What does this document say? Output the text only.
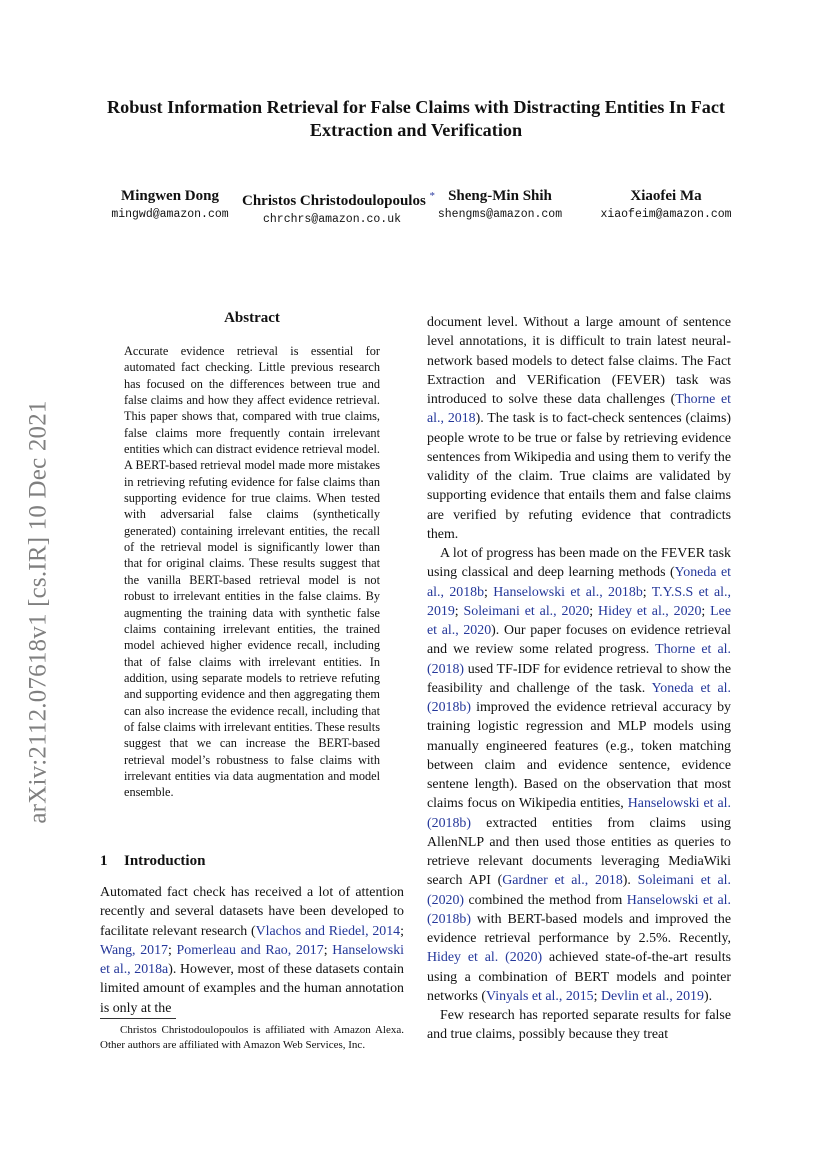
arXiv:2112.07618v1 [cs.IR] 10 Dec 2021
Robust Information Retrieval for False Claims with Distracting Entities In Fact Extraction and Verification
Mingwen Dong
mingwd@amazon.com
Christos Christodoulopoulos *
chrchrs@amazon.co.uk
Sheng-Min Shih
shengms@amazon.com
Xiaofei Ma
xiaofeim@amazon.com
Abstract
Accurate evidence retrieval is essential for automated fact checking. Little previous research has focused on the differences between true and false claims and how they affect evidence retrieval. This paper shows that, compared with true claims, false claims more frequently contain irrelevant entities which can distract evidence retrieval model. A BERT-based retrieval model made more mistakes in retrieving refuting evidence for false claims than supporting evidence for true claims. When tested with adversarial false claims (synthetically generated) containing irrelevant entities, the recall of the retrieval model is significantly lower than that for original claims. These results suggest that the vanilla BERT-based retrieval model is not robust to irrelevant entities in the false claims. By augmenting the training data with synthetic false claims containing irrelevant entities, the trained model achieved higher evidence recall, including that of false claims with irrelevant entities. In addition, using separate models to retrieve refuting and supporting evidence and then aggregating them can also increase the evidence recall, including that of false claims with irrelevant entities. These results suggest that we can increase the BERT-based retrieval model’s robustness to false claims with irrelevant entities via data augmentation and model ensemble.
1 Introduction

Automated fact check has received a lot of attention recently and several datasets have been developed to facilitate relevant research (Vlachos and Riedel, 2014; Wang, 2017; Pomerleau and Rao, 2017; Hanselowski et al., 2018a). However, most of these datasets contain limited amount of examples and the human annotation is only at the

document level. Without a large amount of sentence level annotations, it is difficult to train latest neural-network based models to detect false claims. The Fact Extraction and VERification (FEVER) task was introduced to solve these data challenges (Thorne et al., 2018). The task is to fact-check sentences (claims) people wrote to be true or false by retrieving evidence sentences from Wikipedia and using them to verify the validity of the claim. True claims are validated by supporting evidence that entails them and false claims are verified by refuting evidence that contradicts them.

A lot of progress has been made on the FEVER task using classical and deep learning methods (Yoneda et al., 2018b; Hanselowski et al., 2018b; T.Y.S.S et al., 2019; Soleimani et al., 2020; Hidey et al., 2020; Lee et al., 2020). Our paper focuses on evidence retrieval and we review some related progress. Thorne et al. (2018) used TF-IDF for evidence retrieval to show the feasibility and challenge of the task. Yoneda et al. (2018b) improved the evidence retrieval accuracy by training logistic regression and MLP models using manually engineered features (e.g., token matching between claim and evidence sentence, evidence sentene length). Based on the observation that most claims focus on Wikipedia entities, Hanselowski et al. (2018b) extracted entities from claims using AllenNLP and then used those entities as queries to retrieve relevant documents leveraging MediaWiki search API (Gardner et al., 2018). Soleimani et al. (2020) combined the method from Hanselowski et al. (2018b) with BERT-based models and improved the evidence retrieval performance by 2.5%. Recently, Hidey et al. (2020) achieved state-of-the-art results using a combination of BERT models and pointer networks (Vinyals et al., 2015; Devlin et al., 2019).

Few research has reported separate results for false and true claims, possibly because they treat

Christos Christodoulopoulos is affiliated with Amazon Alexa. Other authors are affiliated with Amazon Web Services, Inc.
